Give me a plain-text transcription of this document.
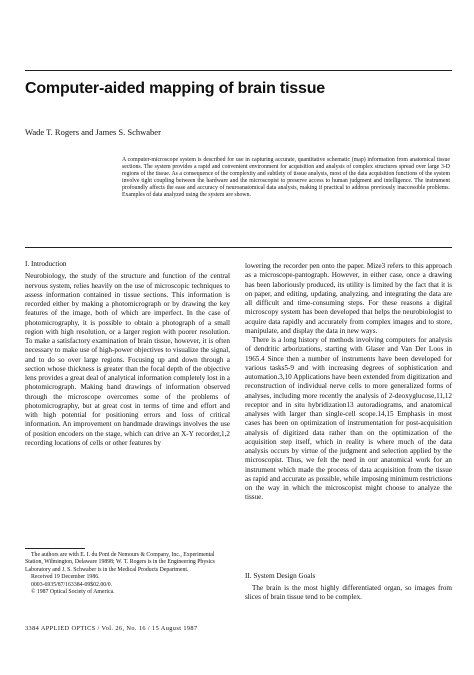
Computer-aided mapping of brain tissue
Wade T. Rogers and James S. Schwaber
A computer-microscope system is described for use in capturing accurate, quantitative schematic (map) information from anatomical tissue sections. The system provides a rapid and convenient environment for acquisition and analysis of complex structures spread over large 3-D regions of the tissue. As a consequence of the complexity and subtlety of tissue analysis, most of the data acquisition functions of the system involve tight coupling between the hardware and the microscopist to preserve access to human judgment and intelligence. The instrument profoundly affects the ease and accuracy of neuroanatomical data analysis, making it practical to address previously inaccessible problems. Examples of data analyzed using the system are shown.
I. Introduction

Neurobiology, the study of the structure and function of the central nervous system, relies heavily on the use of microscopic techniques to assess information contained in tissue sections. This information is recorded either by making a photomicrograph or by drawing the key features of the image, both of which are imperfect. In the case of photomicrography, it is possible to obtain a photograph of a small region with high resolution, or a larger region with poorer resolution. To make a satisfactory examination of brain tissue, however, it is often necessary to make use of high-power objectives to visualize the signal, and to do so over large regions. Focusing up and down through a section whose thickness is greater than the focal depth of the objective lens provides a great deal of analytical information completely lost in a photomicrograph. Making hand drawings of information observed through the microscope overcomes some of the problems of photomicrography, but at great cost in terms of time and effort and with high potential for positioning errors and loss of critical information. An improvement on handmade drawings involves the use of position encoders on the stage, which can drive an X-Y recorder,1,2 recording locations of cells or other features by

The authors are with E. I. du Pont de Nemours & Company, Inc., Experimental Station, Wilmington, Delaware 19898; W. T. Rogers is in the Engineering Physics Laboratory and J. S. Schwaber is in the Medical Products Department.
Received 19 December 1986.
0003-6935/87/163384-09$02.00/0.
© 1987 Optical Society of America.
3384 APPLIED OPTICS / Vol. 26, No. 16 / 15 August 1987

lowering the recorder pen onto the paper. Mize3 refers to this approach as a microscope-pantograph. However, in either case, once a drawing has been laboriously produced, its utility is limited by the fact that it is on paper, and editing, updating, analyzing, and integrating the data are all difficult and time-consuming steps. For these reasons a digital microscopy system has been developed that helps the neurobiologist to acquire data rapidly and accurately from complex images and to store, manipulate, and display the data in new ways.

There is a long history of methods involving computers for analysis of dendritic arborizations, starting with Glaser and Van Der Loos in 1965.4 Since then a number of instruments have been developed for various tasks5-9 and with increasing degrees of sophistication and automation.3,10 Applications have been extended from digitization and reconstruction of individual nerve cells to more generalized forms of analyses, including more recently the analysis of 2-deoxyglucose,11,12 receptor and in situ hybridization13 autoradiograms, and anatomical analyses with larger than single-cell scope.14,15 Emphasis in most cases has been on optimization of instrumentation for post-acquisition analysis of digitized data rather than on the optimization of the acquisition step itself, which in reality is where much of the data analysis occurs by virtue of the judgment and selection applied by the microscopist. Thus, we felt the need in our anatomical work for an instrument which made the process of data acquisition from the tissue as rapid and accurate as possible, while imposing minimum restrictions on the way in which the microscopist might choose to analyze the tissue.

II. System Design Goals
The brain is the most highly differentiated organ, so images from slices of brain tissue tend to be complex.
